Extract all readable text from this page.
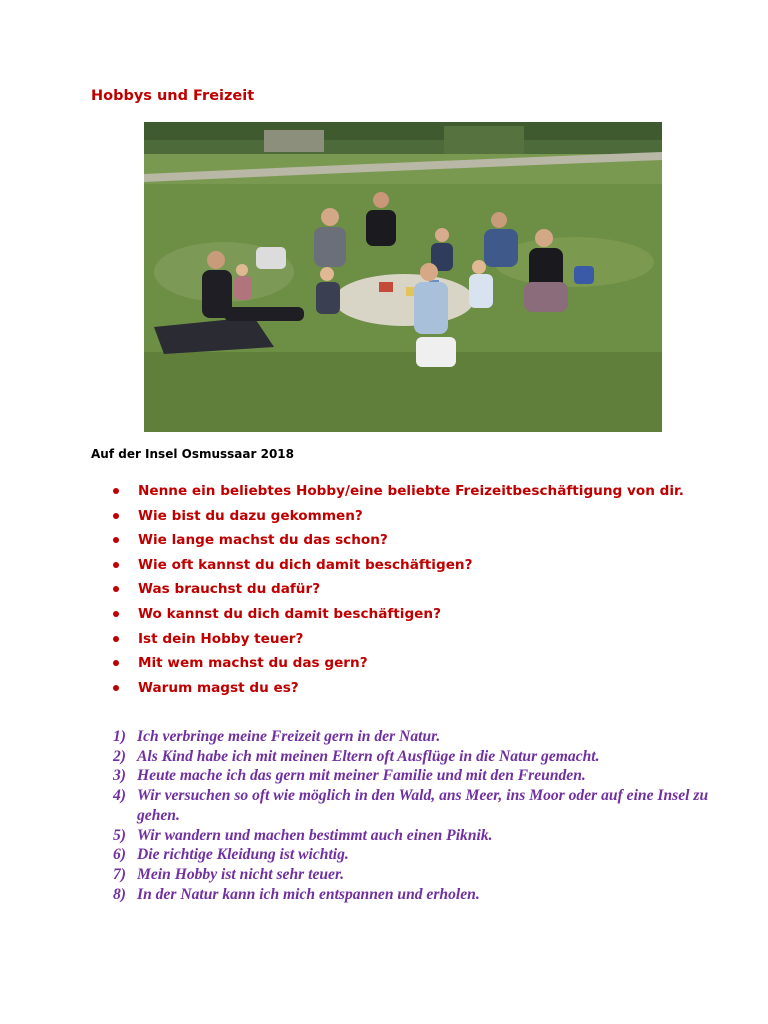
Hobbys und Freizeit
Auf der Insel Osmussaar 2018
Nenne ein beliebtes Hobby/eine beliebte Freizeitbeschäftigung von dir.
Wie bist du dazu gekommen?
Wie lange machst du das schon?
Wie oft kannst du dich damit beschäftigen?
Was brauchst du dafür?
Wo kannst du dich damit beschäftigen?
Ist dein Hobby teuer?
Mit wem machst du das gern?
Warum magst du es?
1) Ich verbringe meine Freizeit gern in der Natur.
2) Als Kind habe ich mit meinen Eltern oft Ausflüge in die Natur gemacht.
3) Heute mache ich das gern mit meiner Familie und mit den Freunden.
4) Wir versuchen so oft wie möglich in den Wald, ans Meer, ins Moor oder auf eine Insel zu gehen.
5) Wir wandern und machen bestimmt auch einen Piknik.
6) Die richtige Kleidung ist wichtig.
7) Mein Hobby ist nicht sehr teuer.
8) In der Natur kann ich mich entspannen und erholen.
